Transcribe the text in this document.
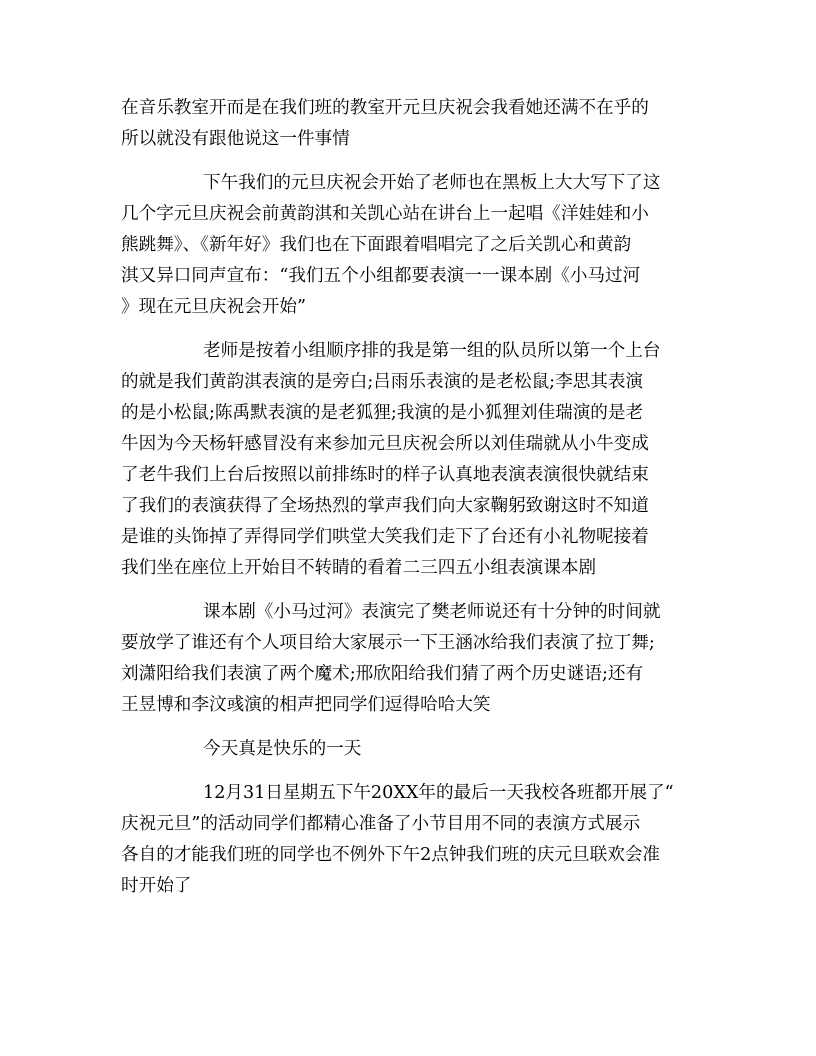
在音乐教室开而是在我们班的教室开元旦庆祝会我看她还满不在乎的
所以就没有跟他说这一件事情
下午我们的元旦庆祝会开始了老师也在黑板上大大写下了这
几个字元旦庆祝会前黄韵淇和关凯心站在讲台上一起唱《洋娃娃和小
熊跳舞》、《新年好》我们也在下面跟着唱唱完了之后关凯心和黄韵
淇又异口同声宣布：“我们五个小组都要表演一一课本剧《小马过河
》现在元旦庆祝会开始”
老师是按着小组顺序排的我是第一组的队员所以第一个上台
的就是我们黄韵淇表演的是旁白;吕雨乐表演的是老松鼠;李思其表演
的是小松鼠;陈禹默表演的是老狐狸;我演的是小狐狸刘佳瑞演的是老
牛因为今天杨轩感冒没有来参加元旦庆祝会所以刘佳瑞就从小牛变成
了老牛我们上台后按照以前排练时的样子认真地表演表演很快就结束
了我们的表演获得了全场热烈的掌声我们向大家鞠躬致谢这时不知道
是谁的头饰掉了弄得同学们哄堂大笑我们走下了台还有小礼物呢接着
我们坐在座位上开始目不转睛的看着二三四五小组表演课本剧
课本剧《小马过河》表演完了樊老师说还有十分钟的时间就
要放学了谁还有个人项目给大家展示一下王涵冰给我们表演了拉丁舞;
刘潇阳给我们表演了两个魔术;邢欣阳给我们猜了两个历史谜语;还有
王昱博和李汶彧演的相声把同学们逗得哈哈大笑
今天真是快乐的一天
12月31日星期五下午20XX年的最后一天我校各班都开展了“
庆祝元旦”的活动同学们都精心准备了小节目用不同的表演方式展示
各自的才能我们班的同学也不例外下午2点钟我们班的庆元旦联欢会准
时开始了
